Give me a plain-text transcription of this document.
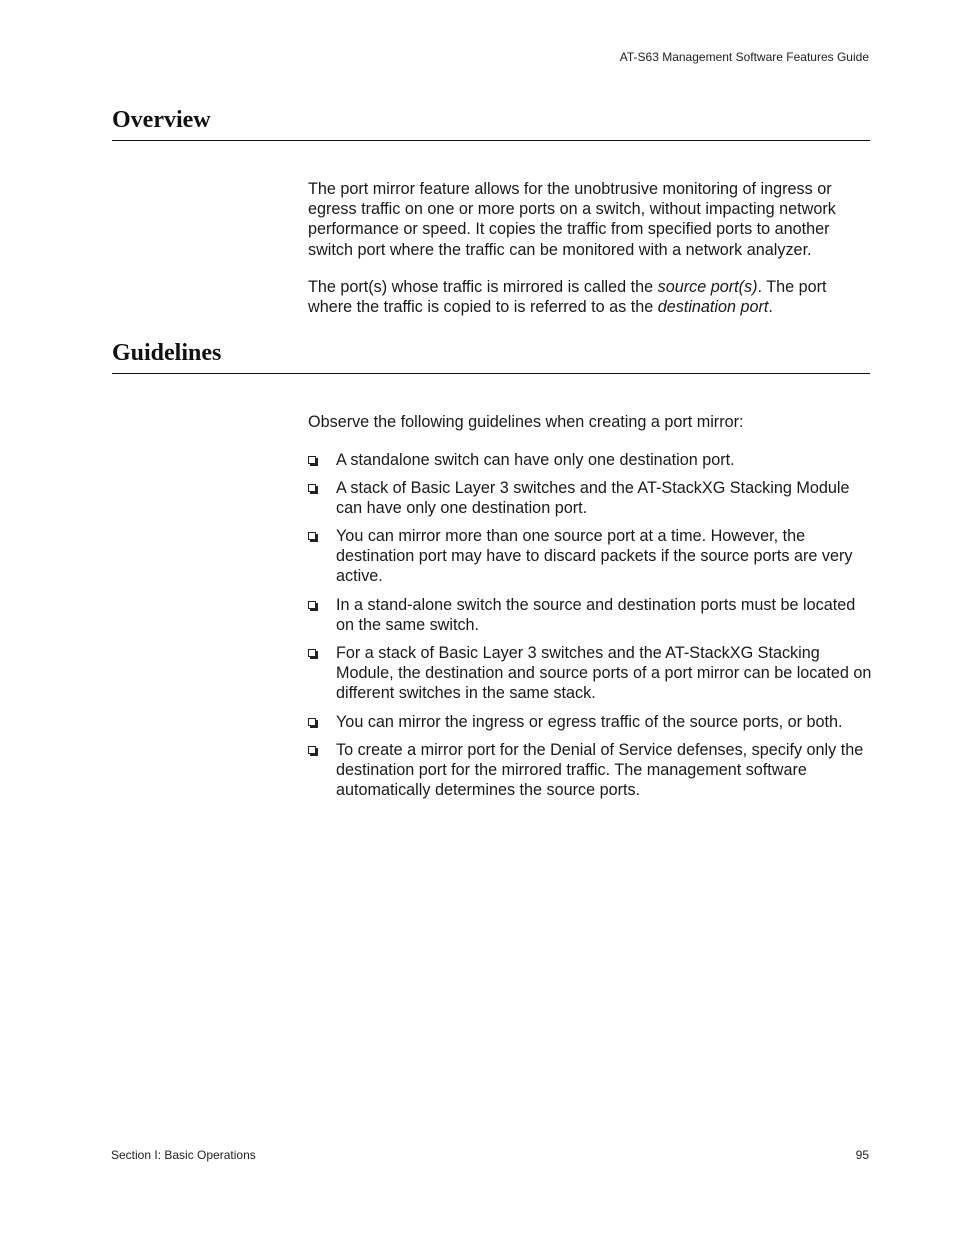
AT-S63 Management Software Features Guide
Overview

The port mirror feature allows for the unobtrusive monitoring of ingress or egress traffic on one or more ports on a switch, without impacting network performance or speed. It copies the traffic from specified ports to another switch port where the traffic can be monitored with a network analyzer.

The port(s) whose traffic is mirrored is called the source port(s). The port where the traffic is copied to is referred to as the destination port.

Guidelines
Observe the following guidelines when creating a port mirror:
A standalone switch can have only one destination port.
A stack of Basic Layer 3 switches and the AT-StackXG Stacking Module can have only one destination port.
You can mirror more than one source port at a time. However, the destination port may have to discard packets if the source ports are very active.
In a stand-alone switch the source and destination ports must be located on the same switch.
For a stack of Basic Layer 3 switches and the AT-StackXG Stacking Module, the destination and source ports of a port mirror can be located on different switches in the same stack.
You can mirror the ingress or egress traffic of the source ports, or both.
To create a mirror port for the Denial of Service defenses, specify only the destination port for the mirrored traffic. The management software automatically determines the source ports.
Section I: Basic Operations	95
